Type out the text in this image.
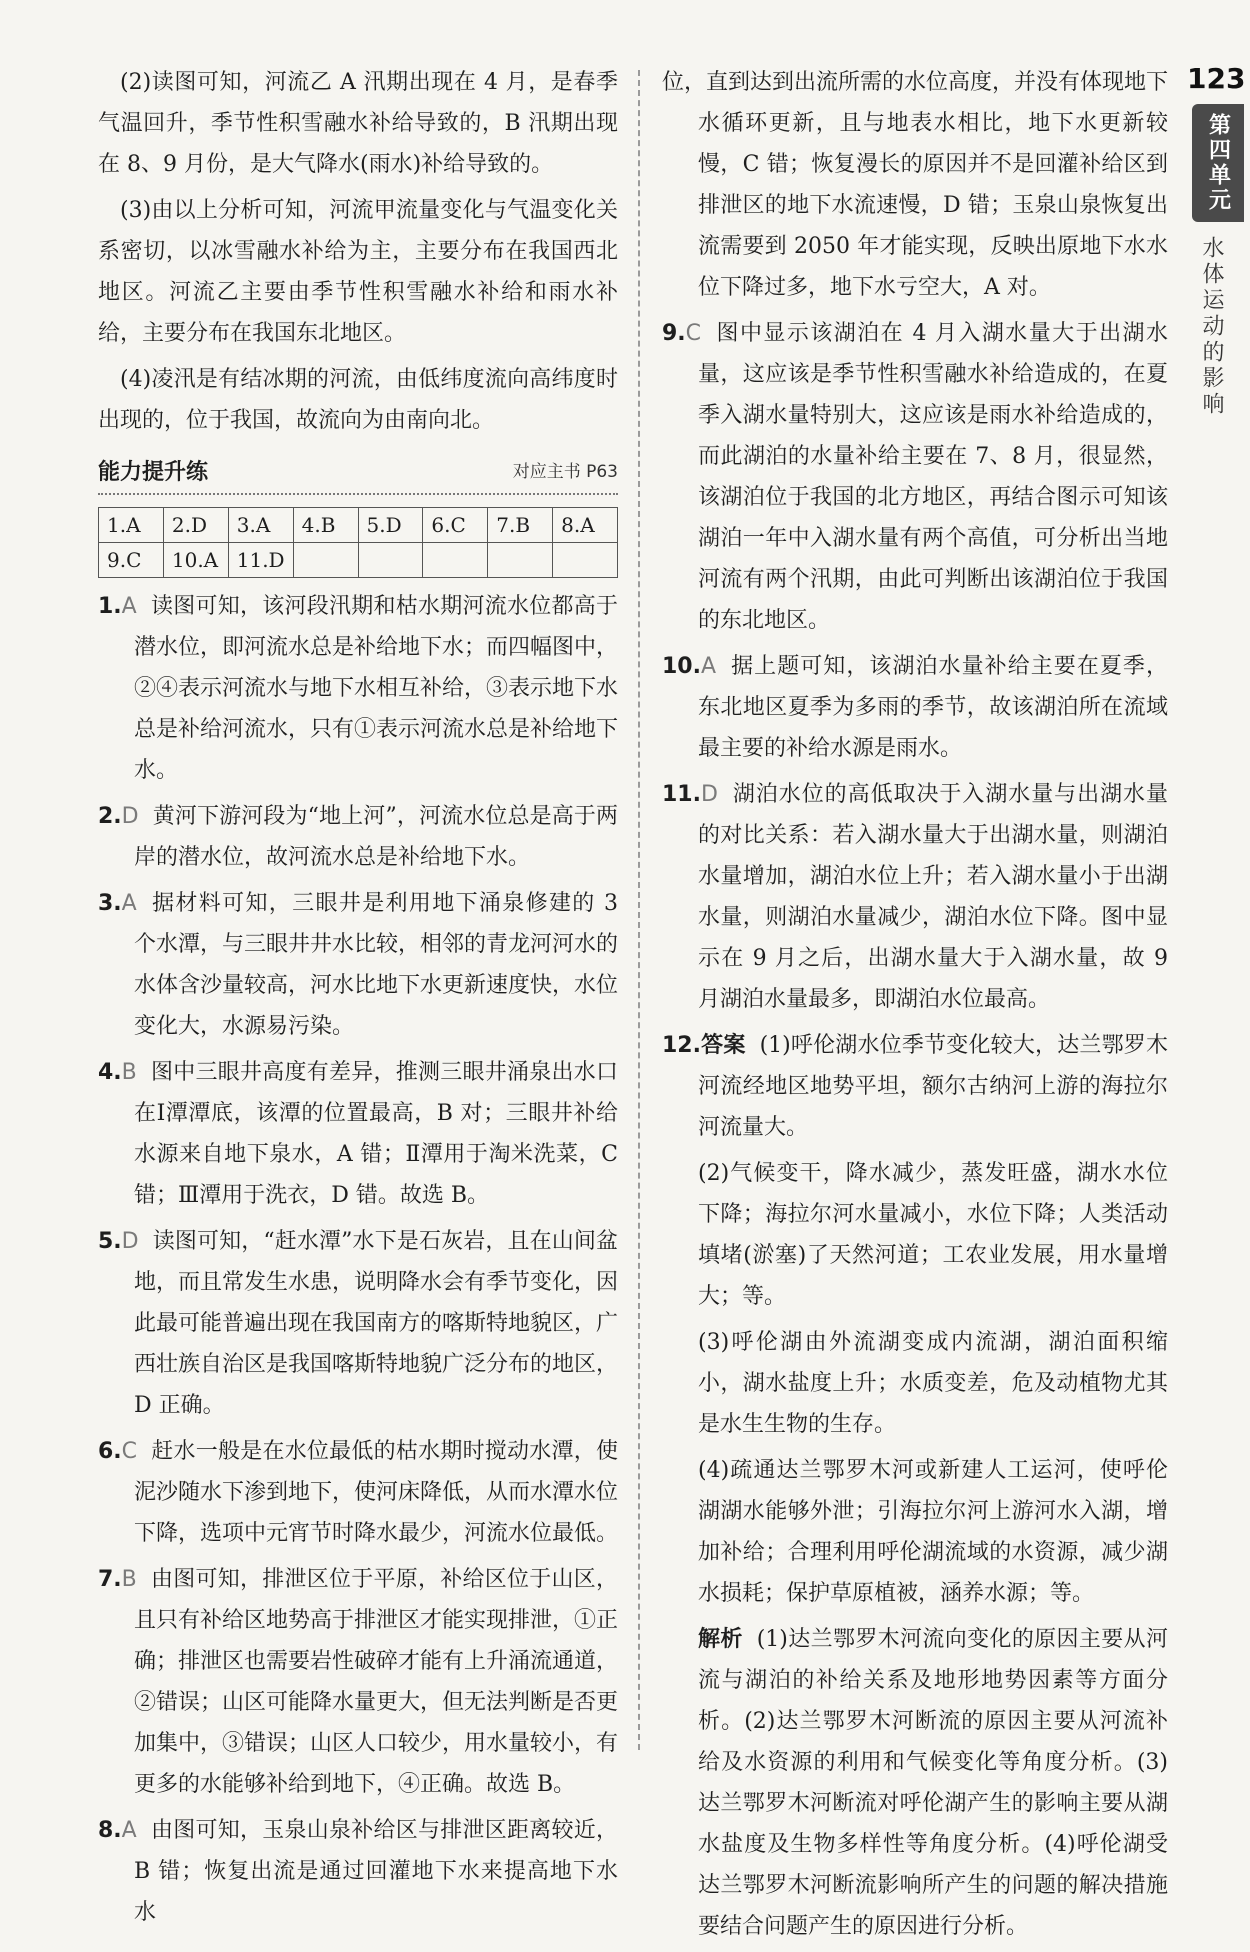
123
第四单元
水体运动的影响

(2)读图可知，河流乙 A 汛期出现在 4 月，是春季气温回升，季节性积雪融水补给导致的，B 汛期出现在 8、9 月份，是大气降水(雨水)补给导致的。

(3)由以上分析可知，河流甲流量变化与气温变化关系密切，以冰雪融水补给为主，主要分布在我国西北地区。河流乙主要由季节性积雪融水补给和雨水补给，主要分布在我国东北地区。

(4)凌汛是有结冰期的河流，由低纬度流向高纬度时出现的，位于我国，故流向为由南向北。

能力提升练	对应主书 P63
1.A	2.D	3.A	4.B	5.D	6.C	7.B	8.A
9.C	10.A	11.D					

1.A 读图可知，该河段汛期和枯水期河流水位都高于潜水位，即河流水总是补给地下水；而四幅图中，②④表示河流水与地下水相互补给，③表示地下水总是补给河流水，只有①表示河流水总是补给地下水。

2.D 黄河下游河段为“地上河”，河流水位总是高于两岸的潜水位，故河流水总是补给地下水。

3.A 据材料可知，三眼井是利用地下涌泉修建的 3 个水潭，与三眼井井水比较，相邻的青龙河河水的水体含沙量较高，河水比地下水更新速度快，水位变化大，水源易污染。

4.B 图中三眼井高度有差异，推测三眼井涌泉出水口在Ⅰ潭潭底，该潭的位置最高，B 对；三眼井补给水源来自地下泉水，A 错；Ⅱ潭用于淘米洗菜，C 错；Ⅲ潭用于洗衣，D 错。故选 B。

5.D 读图可知，“赶水潭”水下是石灰岩，且在山间盆地，而且常发生水患，说明降水会有季节变化，因此最可能普遍出现在我国南方的喀斯特地貌区，广西壮族自治区是我国喀斯特地貌广泛分布的地区，D 正确。

6.C 赶水一般是在水位最低的枯水期时搅动水潭，使泥沙随水下渗到地下，使河床降低，从而水潭水位下降，选项中元宵节时降水最少，河流水位最低。

7.B 由图可知，排泄区位于平原，补给区位于山区，且只有补给区地势高于排泄区才能实现排泄，①正确；排泄区也需要岩性破碎才能有上升涌流通道，②错误；山区可能降水量更大，但无法判断是否更加集中，③错误；山区人口较少，用水量较小，有更多的水能够补给到地下，④正确。故选 B。

8.A 由图可知，玉泉山泉补给区与排泄区距离较近，B 错；恢复出流是通过回灌地下水来提高地下水水

位，直到达到出流所需的水位高度，并没有体现地下水循环更新，且与地表水相比，地下水更新较慢，C 错；恢复漫长的原因并不是回灌补给区到排泄区的地下水流速慢，D 错；玉泉山泉恢复出流需要到 2050 年才能实现，反映出原地下水水位下降过多，地下水亏空大，A 对。

9.C 图中显示该湖泊在 4 月入湖水量大于出湖水量，这应该是季节性积雪融水补给造成的，在夏季入湖水量特别大，这应该是雨水补给造成的，而此湖泊的水量补给主要在 7、8 月，很显然，该湖泊位于我国的北方地区，再结合图示可知该湖泊一年中入湖水量有两个高值，可分析出当地河流有两个汛期，由此可判断出该湖泊位于我国的东北地区。

10.A 据上题可知，该湖泊水量补给主要在夏季，东北地区夏季为多雨的季节，故该湖泊所在流域最主要的补给水源是雨水。

11.D 湖泊水位的高低取决于入湖水量与出湖水量的对比关系：若入湖水量大于出湖水量，则湖泊水量增加，湖泊水位上升；若入湖水量小于出湖水量，则湖泊水量减少，湖泊水位下降。图中显示在 9 月之后，出湖水量大于入湖水量，故 9 月湖泊水量最多，即湖泊水位最高。

12.答案 (1)呼伦湖水位季节变化较大，达兰鄂罗木河流经地区地势平坦，额尔古纳河上游的海拉尔河流量大。

(2)气候变干，降水减少，蒸发旺盛，湖水水位下降；海拉尔河水量减小，水位下降；人类活动填堵(淤塞)了天然河道；工农业发展，用水量增大；等。

(3)呼伦湖由外流湖变成内流湖，湖泊面积缩小，湖水盐度上升；水质变差，危及动植物尤其是水生生物的生存。

(4)疏通达兰鄂罗木河或新建人工运河，使呼伦湖湖水能够外泄；引海拉尔河上游河水入湖，增加补给；合理利用呼伦湖流域的水资源，减少湖水损耗；保护草原植被，涵养水源；等。

解析 (1)达兰鄂罗木河流向变化的原因主要从河流与湖泊的补给关系及地形地势因素等方面分析。(2)达兰鄂罗木河断流的原因主要从河流补给及水资源的利用和气候变化等角度分析。(3)达兰鄂罗木河断流对呼伦湖产生的影响主要从湖水盐度及生物多样性等角度分析。(4)呼伦湖受达兰鄂罗木河断流影响所产生的问题的解决措施要结合问题产生的原因进行分析。
